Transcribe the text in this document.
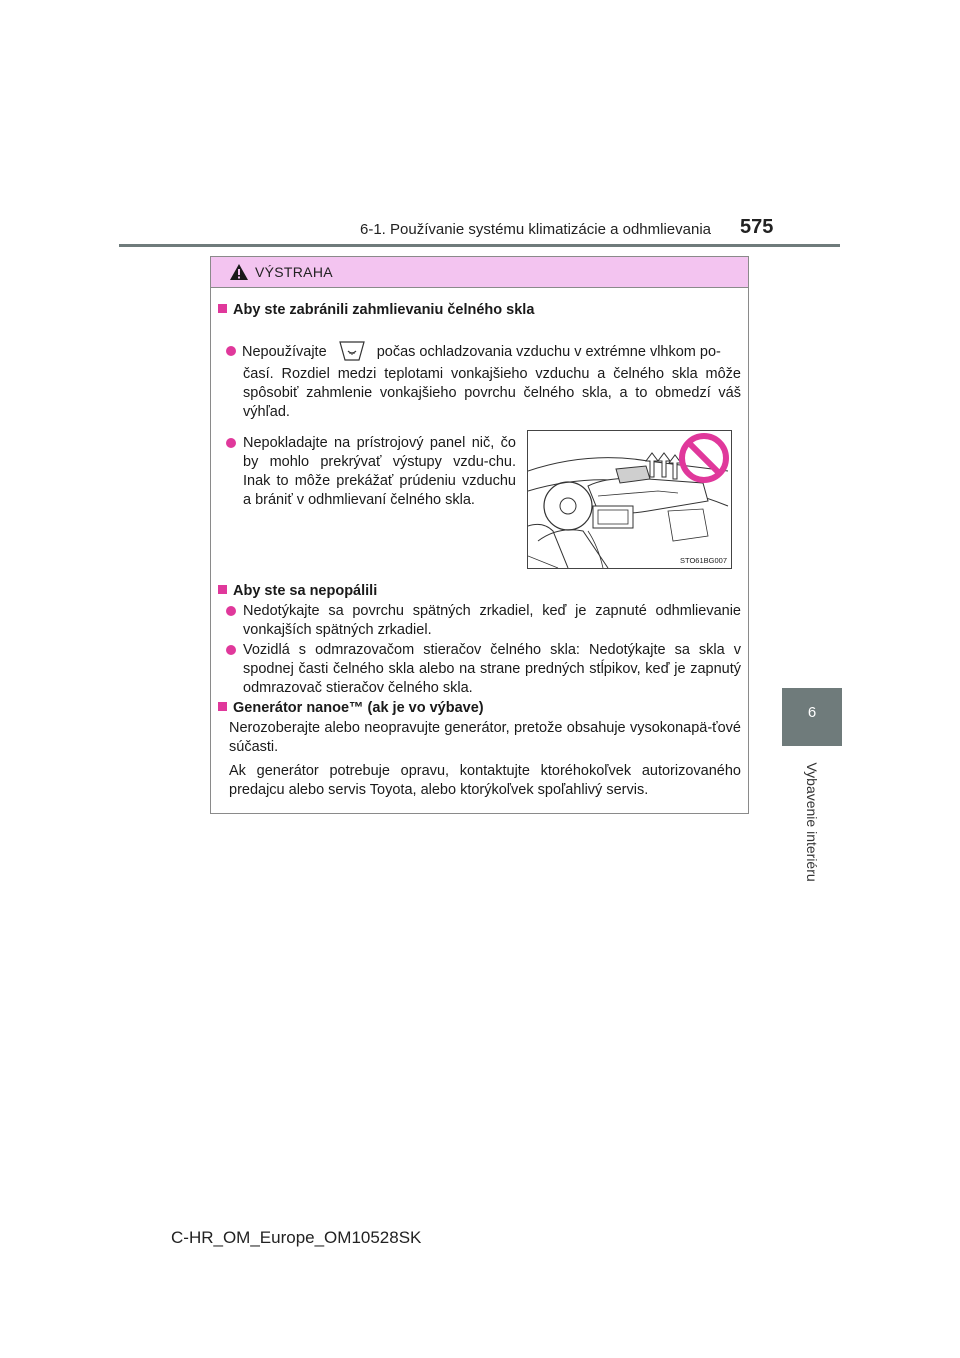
6-1. Používanie systému klimatizácie a odhmlievania 575
6
Vybavenie interiéru
VÝSTRAHA
Aby ste zabránili zahmlievaniu čelného skla
Nepoužívajte	počas ochladzovania vzduchu v extrémne vlhkom po-
časí. Rozdiel medzi teplotami vonkajšieho vzduchu a čelného skla môže spôsobiť zahmlenie vonkajšieho povrchu čelného skla, a to obmedzí váš výhľad.
Nepokladajte na prístrojový panel nič, čo by mohlo prekrývať výstupy vzdu-chu. Inak to môže prekážať prúdeniu vzduchu a brániť v odhmlievaní čelného skla.
STO61BG007
Aby ste sa nepopálili
Nedotýkajte sa povrchu spätných zrkadiel, keď je zapnuté odhmlievanie vonkajších spätných zrkadiel.
Vozidlá s odmrazovačom stieračov čelného skla: Nedotýkajte sa skla v spodnej časti čelného skla alebo na strane predných stĺpikov, keď je zapnutý odmrazovač stieračov čelného skla.
Generátor nanoe™ (ak je vo výbave)
Nerozoberajte alebo neopravujte generátor, pretože obsahuje vysokonapä-ťové súčasti.
Ak generátor potrebuje opravu, kontaktujte ktoréhokoľvek autorizovaného predajcu alebo servis Toyota, alebo ktorýkoľvek spoľahlivý servis.
C-HR_OM_Europe_OM10528SK
